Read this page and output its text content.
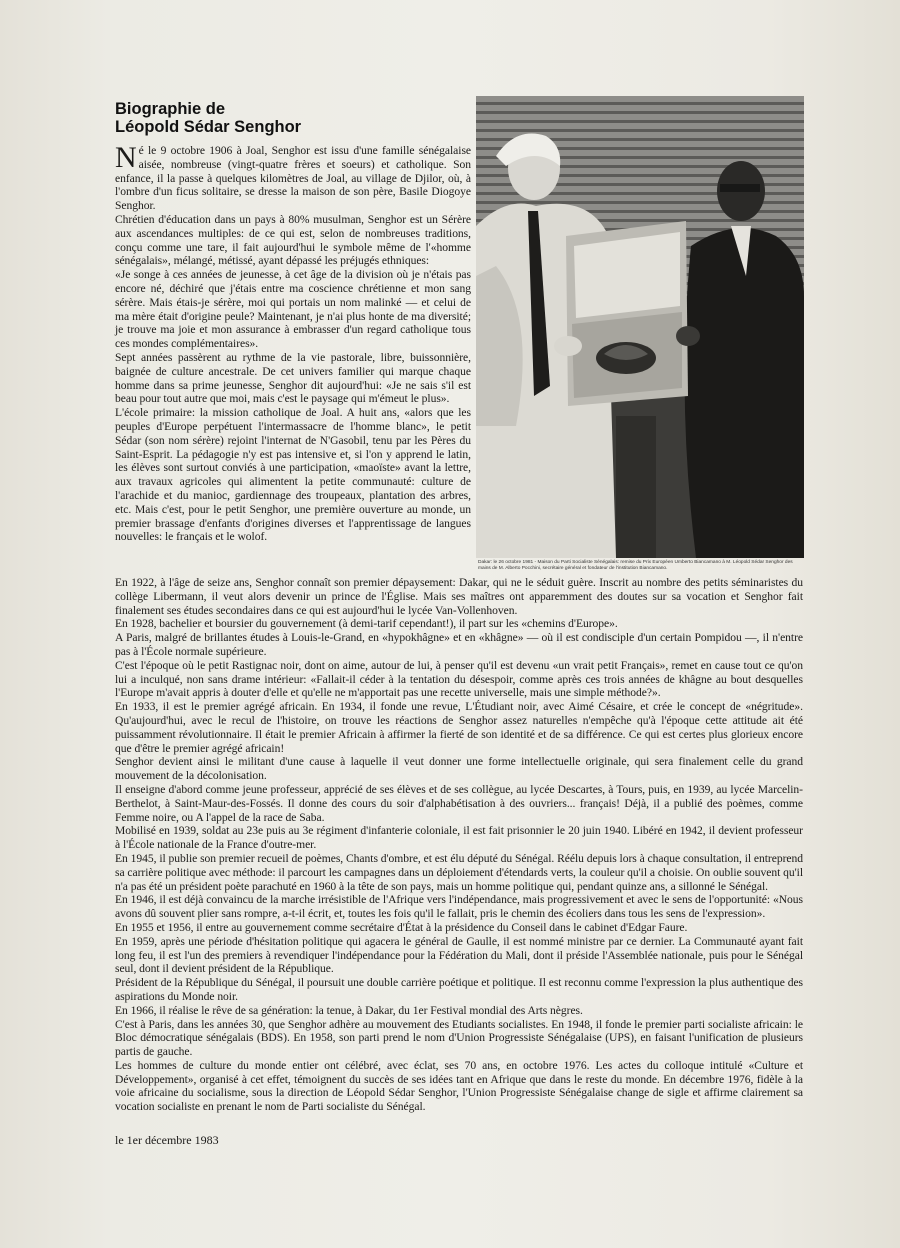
Biographie de
Léopold Sédar Senghor

Né le 9 octobre 1906 à Joal, Senghor est issu d'une famille sénégalaise aisée, nombreuse (vingt-quatre frères et soeurs) et catholique. Son enfance, il la passe à quelques kilomètres de Joal, au village de Djilor, où, à l'ombre d'un ficus solitaire, se dresse la maison de son père, Basile Diogoye Senghor.

Chrétien d'éducation dans un pays à 80% musulman, Senghor est un Sérère aux ascendances multiples: de ce qui est, selon de nombreuses traditions, conçu comme une tare, il fait aujourd'hui le symbole même de l'«homme sénégalais», mélangé, métissé, ayant dépassé les préjugés ethniques:

«Je songe à ces années de jeunesse, à cet âge de la division où je n'étais pas encore né, déchiré que j'étais entre ma coscience chrétienne et mon sang sérère. Mais étais-je sérère, moi qui portais un nom malinké — et celui de ma mère était d'origine peule? Maintenant, je n'ai plus honte de ma diversité; je trouve ma joie et mon assurance à embrasser d'un regard catholique tous ces mondes complémentaires».

Sept années passèrent au rythme de la vie pastorale, libre, buissonnière, baignée de culture ancestrale. De cet univers familier qui marque chaque homme dans sa prime jeunesse, Senghor dit aujourd'hui: «Je ne sais s'il est beau pour tout autre que moi, mais c'est le paysage qui m'émeut le plus».

L'école primaire: la mission catholique de Joal. A huit ans, «alors que les peuples d'Europe perpétuent l'intermassacre de l'homme blanc», le petit Sédar (son nom sérère) rejoint l'internat de N'Gasobil, tenu par les Pères du Saint-Esprit. La pédagogie n'y est pas intensive et, si l'on y apprend le latin, les élèves sont surtout conviés à une participation, «maoïste» avant la lettre, aux travaux agricoles qui alimentent la petite communauté: culture de l'arachide et du manioc, gardiennage des troupeaux, plantation des arbres, etc. Mais c'est, pour le petit Senghor, une première ouverture au monde, un premier brassage d'enfants d'origines diverses et l'apprentissage de langues nouvelles: le français et le wolof.

Dakar: le 26 octobre 1981 - Maison du Parti Socialiste Sénégalais: remise du Prix Européen Umberto Biancamano à M. Léopold Sédar Senghor des mains de M. Alberto Pocchini, secrétaire général et fondateur de l'institution Biancamano.

En 1922, à l'âge de seize ans, Senghor connaît son premier dépaysement: Dakar, qui ne le séduit guère. Inscrit au nombre des petits séminaristes du collège Libermann, il veut alors devenir un prince de l'Église. Mais ses maîtres ont apparemment des doutes sur sa vocation et Senghor fait finalement ses études secondaires dans ce qui est aujourd'hui le lycée Van-Vollenhoven.

En 1928, bachelier et boursier du gouvernement (à demi-tarif cependant!), il part sur les «chemins d'Europe».

A Paris, malgré de brillantes études à Louis-le-Grand, en «hypokhâgne» et en «khâgne» — où il est condisciple d'un certain Pompidou —, il n'entre pas à l'École normale supérieure.

C'est l'époque où le petit Rastignac noir, dont on aime, autour de lui, à penser qu'il est devenu «un vrait petit Français», remet en cause tout ce qu'on lui a inculqué, non sans drame intérieur: «Fallait-il céder à la tentation du désespoir, comme après ces trois années de khâgne au bout desquelles l'Europe m'avait appris à douter d'elle et qu'elle ne m'apportait pas une recette universelle, mais une simple méthode?».

En 1933, il est le premier agrégé africain. En 1934, il fonde une revue, L'Étudiant noir, avec Aimé Césaire, et crée le concept de «négritude». Qu'aujourd'hui, avec le recul de l'histoire, on trouve les réactions de Senghor assez naturelles n'empêche qu'à l'époque cette attitude ait été puissamment révolutionnaire. Il était le premier Africain à affirmer la fierté de son identité et de sa différence. Ce qui est certes plus glorieux encore que d'être le premier agrégé africain!

Senghor devient ainsi le militant d'une cause à laquelle il veut donner une forme intellectuelle originale, qui sera finalement celle du grand mouvement de la décolonisation.

Il enseigne d'abord comme jeune professeur, apprécié de ses élèves et de ses collègue, au lycée Descartes, à Tours, puis, en 1939, au lycée Marcelin-Berthelot, à Saint-Maur-des-Fossés. Il donne des cours du soir d'alphabétisation à des ouvriers... français! Déjà, il a publié des poèmes, comme Femme noire, ou A l'appel de la race de Saba.

Mobilisé en 1939, soldat au 23e puis au 3e régiment d'infanterie coloniale, il est fait prisonnier le 20 juin 1940. Libéré en 1942, il devient professeur à l'École nationale de la France d'outre-mer.

En 1945, il publie son premier recueil de poèmes, Chants d'ombre, et est élu député du Sénégal. Réélu depuis lors à chaque consultation, il entreprend sa carrière politique avec méthode: il parcourt les campagnes dans un déploiement d'étendards verts, la couleur qu'il a choisie. On oublie souvent qu'il n'a pas été un président poète parachuté en 1960 à la tête de son pays, mais un homme politique qui, pendant quinze ans, a sillonné le Sénégal.

En 1946, il est déjà convaincu de la marche irrésistible de l'Afrique vers l'indépendance, mais progressivement et avec le sens de l'opportunité: «Nous avons dû souvent plier sans rompre, a-t-il écrit, et, toutes les fois qu'il le fallait, pris le chemin des écoliers dans tous les sens de l'expression».

En 1955 et 1956, il entre au gouvernement comme secrétaire d'État à la présidence du Conseil dans le cabinet d'Edgar Faure.

En 1959, après une période d'hésitation politique qui agacera le général de Gaulle, il est nommé ministre par ce dernier. La Communauté ayant fait long feu, il est l'un des premiers à revendiquer l'indépendance pour la Fédération du Mali, dont il préside l'Assemblée nationale, puis pour le Sénégal seul, dont il devient président de la République.

Président de la République du Sénégal, il poursuit une double carrière poétique et politique. Il est reconnu comme l'expression la plus authentique des aspirations du Monde noir.

En 1966, il réalise le rêve de sa génération: la tenue, à Dakar, du 1er Festival mondial des Arts nègres.

C'est à Paris, dans les années 30, que Senghor adhère au mouvement des Etudiants socialistes. En 1948, il fonde le premier parti socialiste africain: le Bloc démocratique sénégalais (BDS). En 1958, son parti prend le nom d'Union Progressiste Sénégalaise (UPS), en faisant l'unification de plusieurs partis de gauche.

Les hommes de culture du monde entier ont célébré, avec éclat, ses 70 ans, en octobre 1976. Les actes du colloque intitulé «Culture et Développement», organisé à cet effet, témoignent du succès de ses idées tant en Afrique que dans le reste du monde. En décembre 1976, fidèle à la voie africaine du socialisme, sous la direction de Léopold Sédar Senghor, l'Union Progressiste Sénégalaise change de sigle et affirme clairement sa vocation socialiste en prenant le nom de Parti socialiste du Sénégal.

le 1er décembre 1983
